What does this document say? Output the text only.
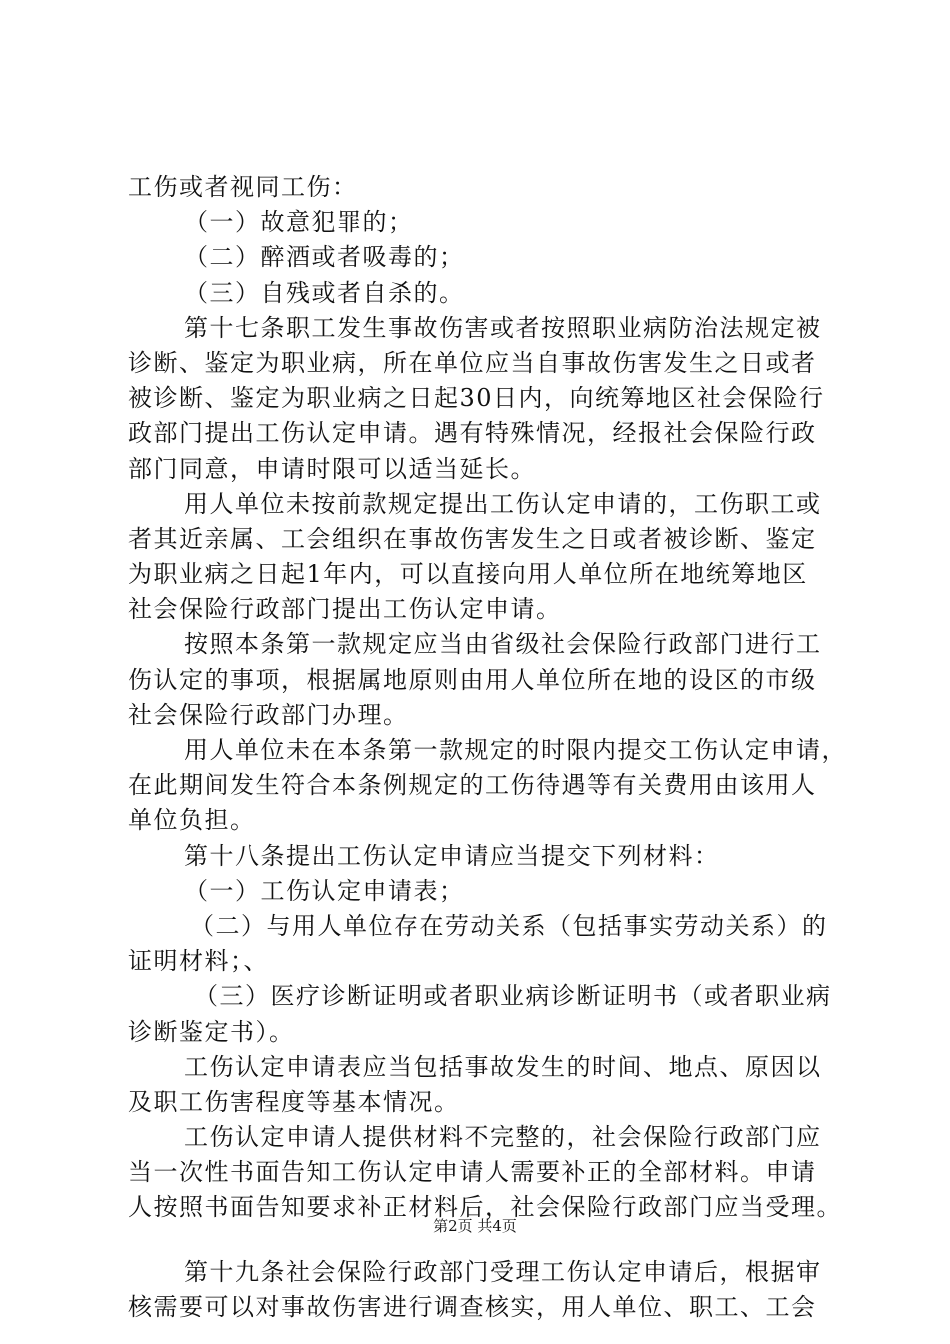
工伤或者视同工伤：
（一）故意犯罪的；
（二）醉酒或者吸毒的；
（三）自残或者自杀的。
第十七条职工发生事故伤害或者按照职业病防治法规定被
诊断、鉴定为职业病，所在单位应当自事故伤害发生之日或者
被诊断、鉴定为职业病之日起30日内，向统筹地区社会保险行
政部门提出工伤认定申请。遇有特殊情况，经报社会保险行政
部门同意，申请时限可以适当延长。
用人单位未按前款规定提出工伤认定申请的，工伤职工或
者其近亲属、工会组织在事故伤害发生之日或者被诊断、鉴定
为职业病之日起1年内，可以直接向用人单位所在地统筹地区
社会保险行政部门提出工伤认定申请。
按照本条第一款规定应当由省级社会保险行政部门进行工
伤认定的事项，根据属地原则由用人单位所在地的设区的市级
社会保险行政部门办理。
用人单位未在本条第一款规定的时限内提交工伤认定申请，
在此期间发生符合本条例规定的工伤待遇等有关费用由该用人
单位负担。
第十八条提出工伤认定申请应当提交下列材料：
（一）工伤认定申请表；
（二）与用人单位存在劳动关系（包括事实劳动关系）的
证明材料；、
（三）医疗诊断证明或者职业病诊断证明书（或者职业病
诊断鉴定书）。
工伤认定申请表应当包括事故发生的时间、地点、原因以
及职工伤害程度等基本情况。
工伤认定申请人提供材料不完整的，社会保险行政部门应
当一次性书面告知工伤认定申请人需要补正的全部材料。申请
人按照书面告知要求补正材料后，社会保险行政部门应当受理。
第十九条社会保险行政部门受理工伤认定申请后，根据审
核需要可以对事故伤害进行调查核实，用人单位、职工、工会
第2页 共4页
